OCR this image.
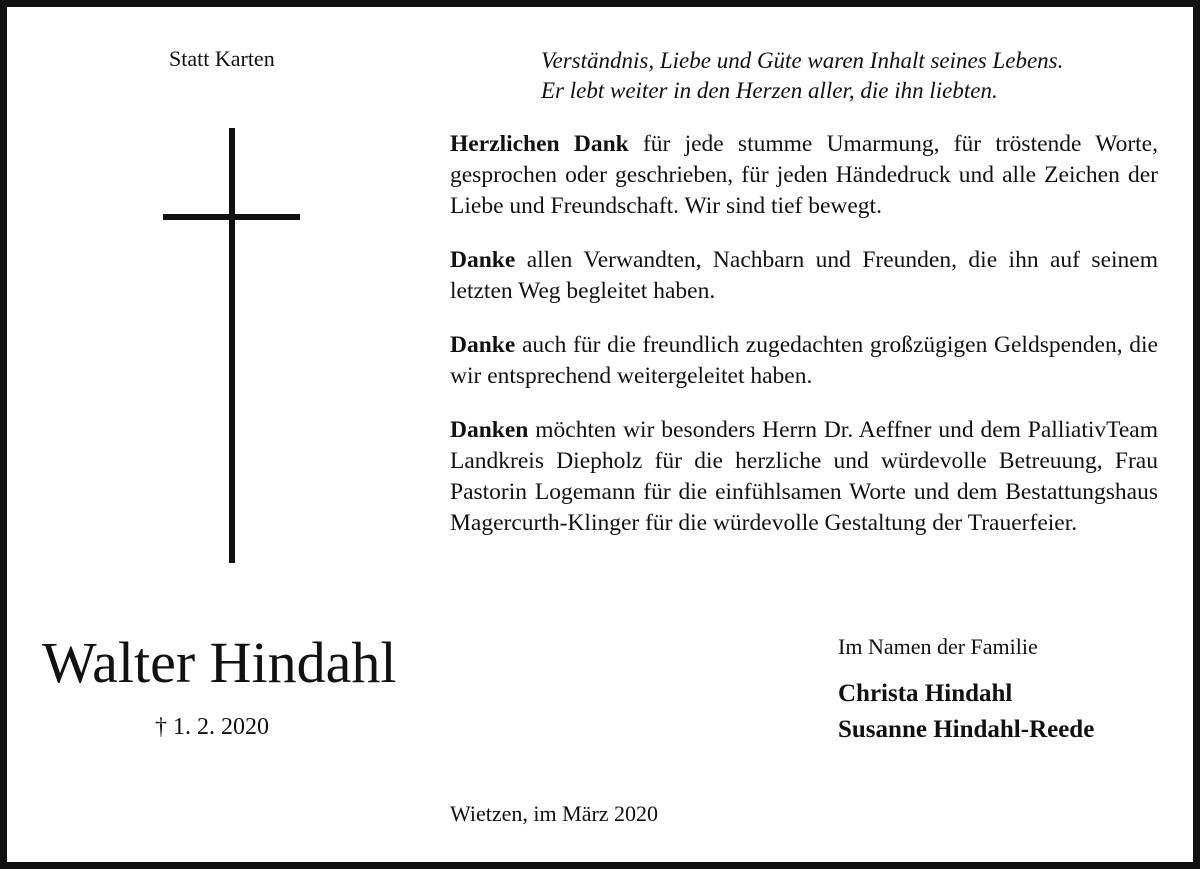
Statt Karten	Verständnis, Liebe und Güte waren Inhalt seines Lebens.
Er lebt weiter in den Herzen aller, die ihn liebten.

Herzlichen Dank für jede stumme Umarmung, für tröstende Worte, gesprochen oder geschrieben, für jeden Händedruck und alle Zeichen der Liebe und Freundschaft. Wir sind tief bewegt.

Danke allen Verwandten, Nachbarn und Freunden, die ihn auf seinem letzten Weg begleitet haben.

Danke auch für die freundlich zugedachten großzügigen Geldspenden, die wir entsprechend weitergeleitet haben.

Danken möchten wir besonders Herrn Dr. Aeffner und dem PalliativTeam Landkreis Diepholz für die herzliche und würdevolle Betreuung, Frau Pastorin Logemann für die einfühlsamen Worte und dem Bestattungshaus Magercurth-Klinger für die würdevolle Gestaltung der Trauerfeier.

Walter Hindahl
† 1. 2. 2020
Im Namen der Familie
Christa Hindahl
Susanne Hindahl-Reede
Wietzen, im März 2020
